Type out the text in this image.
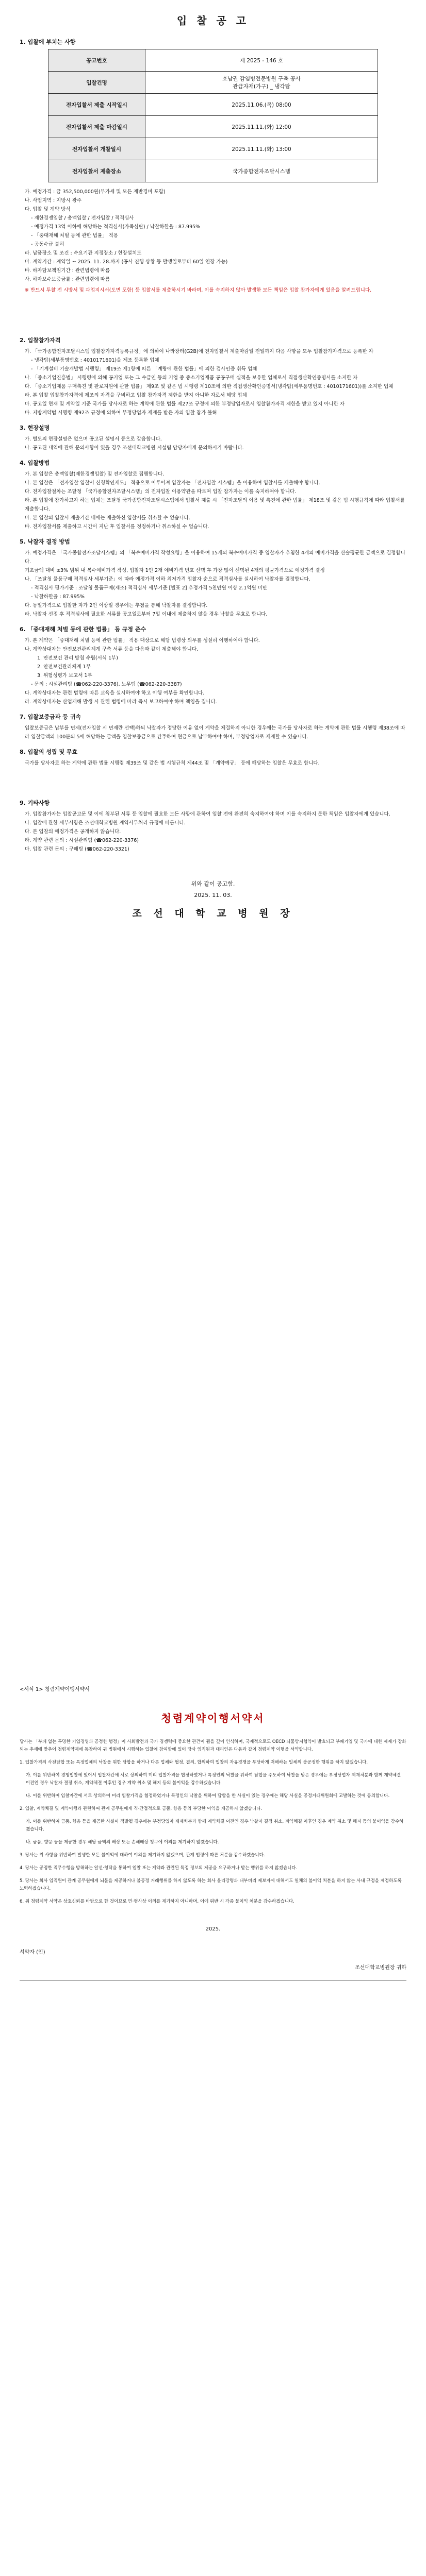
입 찰 공 고
1. 입찰에 부치는 사항
공고번호	제 2025 - 146 호
입찰건명	호남권 감염병전문병원 구축 공사
관급자재(가구) _ 냉각탑
전자입찰서 제출 시작일시	2025.11.06.(목) 08:00
전자입찰서 제출 마감일시	2025.11.11.(화) 12:00
전자입찰서 개찰일시	2025.11.11.(화) 13:00
전자입찰서 제출장소	국가종합전자조달시스템
가. 예정가격 : 금 352,500,000원(부가세 및 모든 제반경비 포함)
나. 사업지역 : 지방시 광주
다. 입찰 및 계약 방식
- 제한경쟁입찰 / 총액입찰 / 전자입찰 / 적격심사
- 예정가격 13억 이하에 해당하는 적격심사(가족심판) / 낙찰하한율 : 87.995%
- 「중대재해 처벌 등에 관한 법률」 적용
- 공동수급 불허
라. 납품장소 및 조건 : 수요기관 지정장소 / 현장설치도
마. 계약기간 : 계약일 ~ 2025. 11. 28.까지 (공사 진행 상황 등 발생일로부터 60일 연장 가능)
바. 하자담보책임기간 : 관련법령에 따름
사. 하자보수보증금률 : 관련법령에 따름
※ 반드시 투찰 전 시방서 및 과업지시서(도면 포함) 등 입찰서를 제출하시기 바라며, 이를 숙지하지 않아 발생한 모든 책임은 입찰 참가자에게 있음을 알려드립니다.
2. 입찰참가자격
가. 「국가종합전자조달시스템 입찰참가자격등록규정」에 의하여 나라장터(G2B)에 전자입찰서 제출마감일 전일까지 다음 사항을 모두 입찰참가자격으로 등록한 자
- 냉각탑(세부품명번호 : 4010171601)을 제조 등록한 업체
- 「기계설비 기술개발법 시행령」 제19조 제1항에 따른 「계량에 관한 법률」에 의한 검사인증 취득 업체
나. 「중소기업진흥법」 시행령에 의해 공기업 또는 그 수급인 등의 기업 중 중소기업제품 공공구매 실적을 보유한 업체로서 직접생산확인증명서를 소지한 자
다. 「중소기업제품 구매촉진 및 판로지원에 관한 법률」 제9조 및 같은 법 시행령 제10조에 의한 직접생산확인증명서(냉각탑(세부품명번호 : 4010171601))를 소지한 업체
라. 본 입찰 입찰참가자격에 제조의 자격을 구비하고 입찰 참가자격 제한을 받지 아니한 자로서 해당 업체
마. 공고일 현재 및 계약일 기준 국가를 당사자로 하는 계약에 관한 법률 제27조 규정에 의한 부정당업자로서 입찰참가자격 제한을 받고 있지 아니한 자
바. 지방계약법 시행령 제92조 규정에 의하여 부정당업자 제재를 받은 자의 입찰 참가 불허
3. 현장설명
가. 별도의 현장설명은 없으며 공고된 설명서 등으로 갈음합니다.
나. 공고된 내역에 관해 문의사항이 있을 경우 조선대학교병원 시설팀 담당자에게 문의하시기 바랍니다.
4. 입찰방법
가. 본 입찰은 총액입찰(제한경쟁입찰) 및 전자입찰로 집행합니다.
나. 본 입찰은 「전자입찰 입찰서 신청확인제도」 적용으로 이루어져 입찰자는 「전자입찰 시스템」을 이용하여 입찰서를 제출해야 합니다.
다. 전자입찰절차는 조달청 「국가종합전자조달시스템」의 전자입찰 이용약관을 따르며 입찰 참가자는 이를 숙지하여야 합니다.
라. 본 입찰에 참가하고자 하는 업체는 조달청 국가종합전자조달시스템에서 입찰서 제출 시 「전자조달의 이용 및 촉진에 관한 법률」 제18조 및 같은 법 시행규칙에 따라 입찰서를 제출합니다.
마. 본 입찰의 입찰서 제출기간 내에는 제출하신 입찰서를 취소할 수 없습니다.
바. 전자입찰서를 제출하고 시간이 지난 후 입찰서를 정정하거나 취소하실 수 없습니다.
5. 낙찰자 결정 방법
가. 예정가격은 「국가종합전자조달시스템」의 「복수예비가격 작성요령」을 이용하여 15개의 복수예비가격 중 입찰자가 추첨한 4개의 예비가격을 산술평균한 금액으로 결정합니다.
기초금액 대비 ±3% 범위 내 복수예비가격 작성, 입찰자 1인 2개 예비가격 번호 선택 후 가장 많이 선택된 4개의 평균가격으로 예정가격 결정
나. 「조달청 물품구매 적격심사 세부기준」에 따라 예정가격 이하 최저가격 입찰자 순으로 적격심사를 실시하여 낙찰자를 결정합니다.
- 적격심사 평가기준 : 조달청 물품구매(제조) 적격심사 세부기준 [별표 2] 추정가격 5천만원 이상 2.1억원 미만
- 낙찰하한율 : 87.995%
다. 동일가격으로 입찰한 자가 2인 이상일 경우에는 추첨을 통해 낙찰자를 결정합니다.
라. 낙찰자 선정 후 적격심사에 필요한 서류를 공고일로부터 7일 이내에 제출하지 않을 경우 낙찰을 무효로 합니다.
6. 「중대재해 처벌 등에 관한 법률」 등 규정 준수
가. 본 계약은 「중대재해 처벌 등에 관한 법률」 적용 대상으로 해당 법령상 의무를 성실히 이행하여야 합니다.
나. 계약상대자는 안전보건관리체계 구축 서류 등을 다음과 같이 제출해야 합니다.
1. 안전보건 관리 방침 수립(서식 1부)
2. 안전보건관리체계 1부
3. 위험성평가 보고서 1부
- 문의 : 시설관리팀 (☎062-220-3376), 노무팀 (☎062-220-3387)
다. 계약상대자는 관련 법령에 따른 교육을 실시하여야 하고 이행 여부를 확인합니다.
라. 계약상대자는 산업재해 발생 시 관련 법령에 따라 즉시 보고하여야 하며 책임을 집니다.
7. 입찰보증금과 등 귀속
입찰보증금은 납부를 면제(전자입찰 시 면제란 선택)하되 낙찰자가 정당한 이유 없이 계약을 체결하지 아니한 경우에는 국가를 당사자로 하는 계약에 관한 법률 시행령 제38조에 따라 입찰금액의 100분의 5에 해당하는 금액을 입찰보증금으로 간주하여 현금으로 납부하여야 하며, 부정당업자로 제재할 수 있습니다.
8. 입찰의 성립 및 무효
국가를 당사자로 하는 계약에 관한 법률 시행령 제39조 및 같은 법 시행규칙 제44조 및 「계약예규」 등에 해당하는 입찰은 무효로 합니다.
9. 기타사항
가. 입찰참가자는 입찰공고문 및 이에 첨부된 서류 등 입찰에 필요한 모든 사항에 관하여 입찰 전에 완전히 숙지하여야 하며 이를 숙지하지 못한 책임은 입찰자에게 있습니다.
나. 입찰에 관한 세부사항은 조선대학교병원 계약사무처리 규정에 따릅니다.
다. 본 입찰의 예정가격은 공개하지 않습니다.
라. 계약 관련 문의 : 시설관리팀 (☎062-220-3376)
마. 입찰 관련 문의 : 구매팀 (☎062-220-3321)
위와 같이 공고함.
2025. 11. 03.
조 선 대 학 교 병 원 장
<서식 1> 청렴계약이행서약서
청렴계약이행서약서
당사는 「부패 없는 투명한 기업경영과 공정한 행정」이 사회발전과 국가 경쟁력에 중요한 관건이 됨을 깊이 인식하며, 국제적으로도 OECD 뇌물방지협약이 발효되고 부패기업 및 국가에 대한 제재가 강화되는 추세에 맞추어 청렴계약제에 동참하여 귀 병원에서 시행하는 입찰에 참여함에 있어 당사 임직원과 대리인은 다음과 같이 청렴계약 이행을 서약합니다.
1. 입찰가격의 사전담합 또는 특정업체의 낙찰을 위한 담합을 하거나 다른 업체와 협정, 결의, 합의하여 입찰의 자유경쟁을 부당하게 저해하는 일체의 불공정한 행위를 하지 않겠습니다.
가. 이를 위반하여 경쟁입찰에 있어서 입찰자간에 서로 상의하여 미리 입찰가격을 협정하였거나 특정인의 낙찰을 위하여 담합을 주도하여 낙찰을 받은 경우에는 부정당업자 제재처분과 함께 계약체결 이전인 경우 낙찰자 결정 취소, 계약체결 이후인 경우 계약 취소 및 해지 등의 불이익을 감수하겠습니다.
나. 이를 위반하여 입찰자간에 서로 상의하여 미리 입찰가격을 협정하였거나 특정인의 낙찰을 위하여 담합을 한 사실이 있는 경우에는 해당 사실을 공정거래위원회에 고발하는 것에 동의합니다.
2. 입찰, 계약체결 및 계약이행과 관련하여 관계 공무원에게 직·간접적으로 금품, 향응 등의 부당한 이익을 제공하지 않겠습니다.
가. 이를 위반하여 금품, 향응 등을 제공한 사실이 적발될 경우에는 부정당업자 제재처분과 함께 계약체결 이전인 경우 낙찰자 결정 취소, 계약체결 이후인 경우 계약 취소 및 해지 등의 불이익을 감수하겠습니다.
나. 금품, 향응 등을 제공한 경우 해당 금액의 배상 또는 손해배상 청구에 이의를 제기하지 않겠습니다.
3. 당사는 위 사항을 위반하여 발생한 모든 불이익에 대하여 이의를 제기하지 않겠으며, 관계 법령에 따른 처분을 감수하겠습니다.
4. 당사는 공정한 직무수행을 방해하는 알선·청탁을 통하여 입찰 또는 계약과 관련된 특정 정보의 제공을 요구하거나 받는 행위를 하지 않겠습니다.
5. 당사는 회사 임직원이 관계 공무원에게 뇌물을 제공하거나 불공정 거래행위를 하지 않도록 하는 회사 윤리강령과 내부비리 제보자에 대해서도 일체의 불이익 처분을 하지 않는 사내 규정을 제정하도록 노력하겠습니다.
6. 위 청렴계약 서약은 상호신뢰를 바탕으로 한 것이므로 민·형사상 이의를 제기하지 아니하며, 이에 위반 시 각종 불이익 처분을 감수하겠습니다.
2025.
서약자 (인)
조선대학교병원장 귀하
